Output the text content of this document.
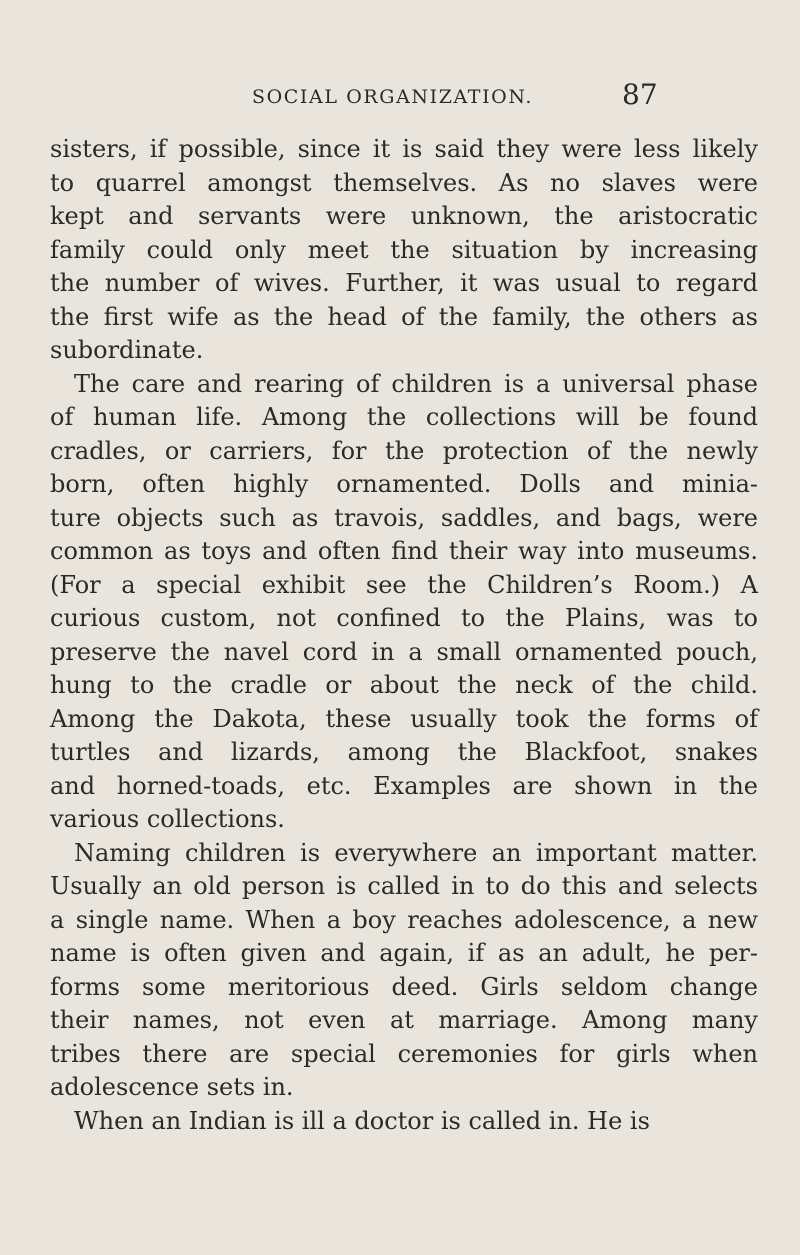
SOCIAL ORGANIZATION.	87
sisters, if possible, since it is said they were less likely
to quarrel amongst themselves. As no slaves were
kept and servants were unknown, the aristocratic
family could only meet the situation by increasing
the number of wives. Further, it was usual to regard
the first wife as the head of the family, the others as
subordinate.
The care and rearing of children is a universal phase
of human life. Among the collections will be found
cradles, or carriers, for the protection of the newly
born, often highly ornamented. Dolls and minia-
ture objects such as travois, saddles, and bags, were
common as toys and often find their way into museums.
(For a special exhibit see the Children’s Room.) A
curious custom, not confined to the Plains, was to
preserve the navel cord in a small ornamented pouch,
hung to the cradle or about the neck of the child.
Among the Dakota, these usually took the forms of
turtles and lizards, among the Blackfoot, snakes
and horned-toads, etc. Examples are shown in the
various collections.
Naming children is everywhere an important matter.
Usually an old person is called in to do this and selects
a single name. When a boy reaches adolescence, a new
name is often given and again, if as an adult, he per-
forms some meritorious deed. Girls seldom change
their names, not even at marriage. Among many
tribes there are special ceremonies for girls when
adolescence sets in.
When an Indian is ill a doctor is called in. He is
